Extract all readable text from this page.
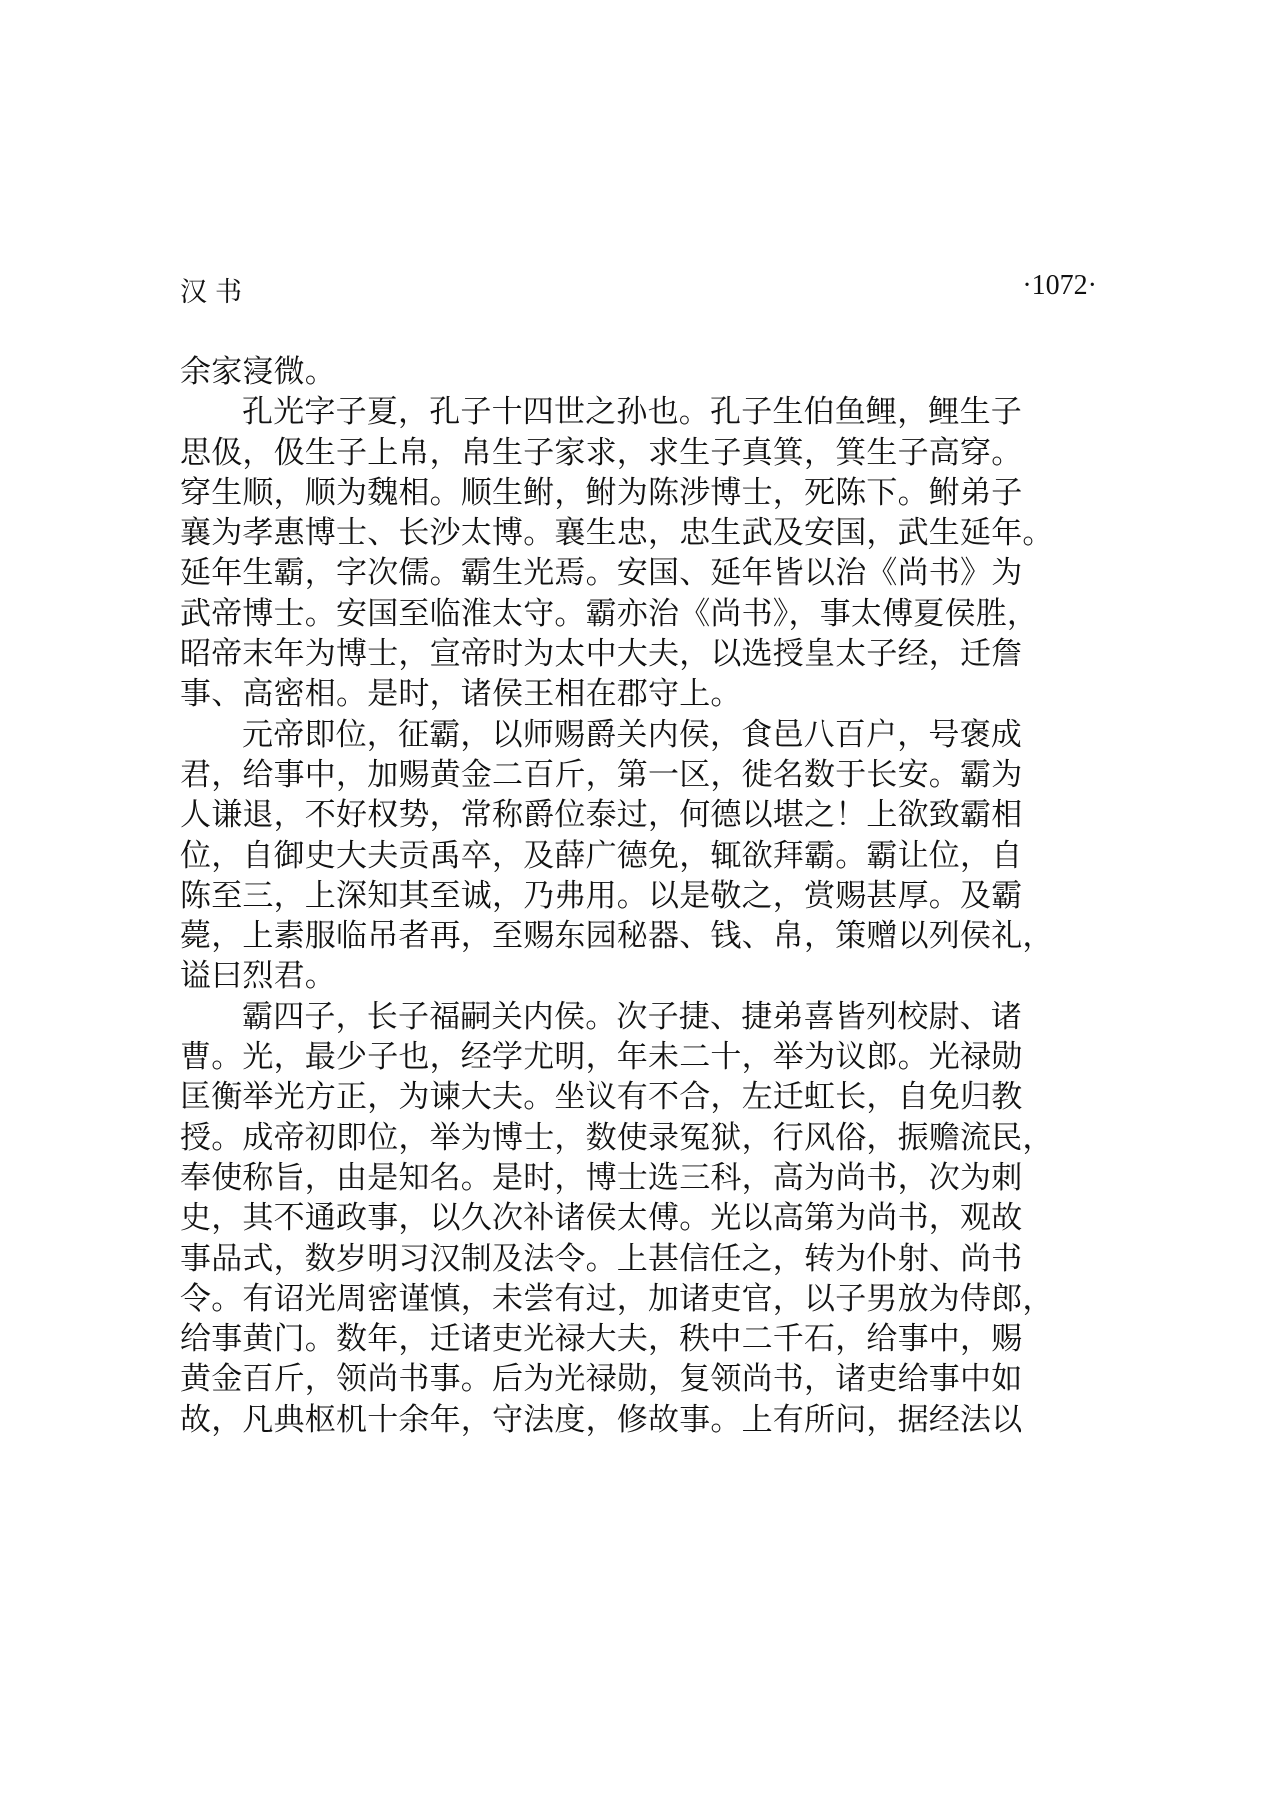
汉书	·1072·
余家寖微。
孔光字子夏，孔子十四世之孙也。孔子生伯鱼鲤，鲤生子
思伋，伋生子上帛，帛生子家求，求生子真箕，箕生子高穿。
穿生顺，顺为魏相。顺生鲋，鲋为陈涉博士，死陈下。鲋弟子
襄为孝惠博士、长沙太博。襄生忠，忠生武及安国，武生延年。
延年生霸，字次儒。霸生光焉。安国、延年皆以治《尚书》为
武帝博士。安国至临淮太守。霸亦治《尚书》，事太傅夏侯胜，
昭帝末年为博士，宣帝时为太中大夫，以选授皇太子经，迁詹
事、高密相。是时，诸侯王相在郡守上。
元帝即位，征霸，以师赐爵关内侯，食邑八百户，号褒成
君，给事中，加赐黄金二百斤，第一区，徙名数于长安。霸为
人谦退，不好权势，常称爵位泰过，何德以堪之！上欲致霸相
位，自御史大夫贡禹卒，及薛广德免，辄欲拜霸。霸让位，自
陈至三，上深知其至诚，乃弗用。以是敬之，赏赐甚厚。及霸
薨，上素服临吊者再，至赐东园秘器、钱、帛，策赠以列侯礼，
谥曰烈君。
霸四子，长子福嗣关内侯。次子捷、捷弟喜皆列校尉、诸
曹。光，最少子也，经学尤明，年未二十，举为议郎。光禄勋
匡衡举光方正，为谏大夫。坐议有不合，左迁虹长，自免归教
授。成帝初即位，举为博士，数使录冤狱，行风俗，振赡流民，
奉使称旨，由是知名。是时，博士选三科，高为尚书，次为刺
史，其不通政事，以久次补诸侯太傅。光以高第为尚书，观故
事品式，数岁明习汉制及法令。上甚信任之，转为仆射、尚书
令。有诏光周密谨慎，未尝有过，加诸吏官，以子男放为侍郎，
给事黄门。数年，迁诸吏光禄大夫，秩中二千石，给事中，赐
黄金百斤，领尚书事。后为光禄勋，复领尚书，诸吏给事中如
故，凡典枢机十余年，守法度，修故事。上有所问，据经法以
